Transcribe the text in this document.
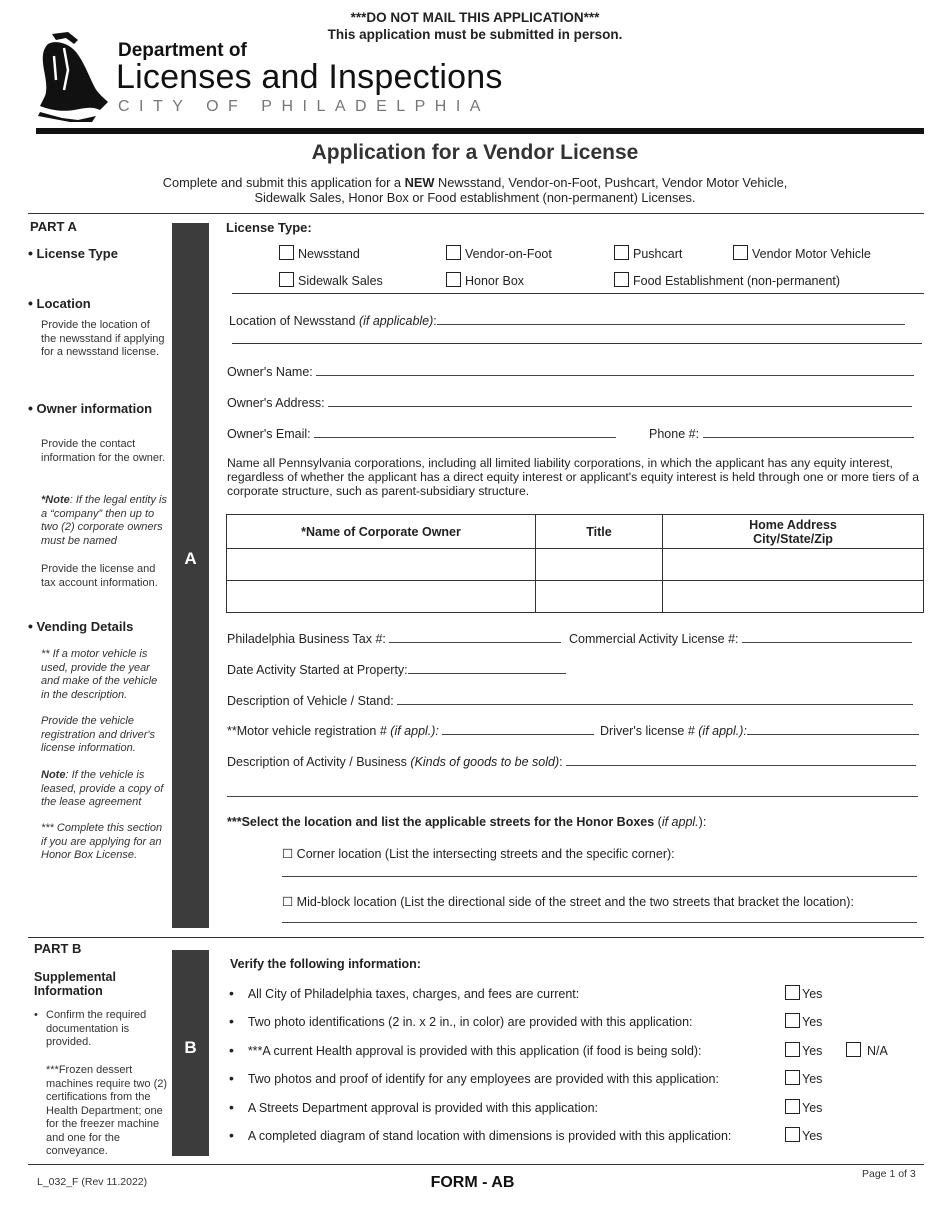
***DO NOT MAIL THIS APPLICATION***
This application must be submitted in person.
Department of
Licenses and Inspections
CITY OF PHILADELPHIA
Application for a Vendor License
Complete and submit this application for a NEW Newsstand, Vendor-on-Foot, Pushcart, Vendor Motor Vehicle,
Sidewalk Sales, Honor Box or Food establishment (non-permanent) Licenses.
PART A
• License Type
• Location
Provide the location of the newsstand if applying for a newsstand license.
• Owner information
Provide the contact information for the owner.
*Note: If the legal entity is a “company” then up to two (2) corporate owners must be named
Provide the license and tax account information.
• Vending Details
** If a motor vehicle is used, provide the year and make of the vehicle in the description.
Provide the vehicle registration and driver's license information.
Note: If the vehicle is leased, provide a copy of the lease agreement
*** Complete this section if you are applying for an Honor Box License.
A
License Type:
Newsstand	Vendor-on-Foot	Pushcart	Vendor Motor Vehicle
Sidewalk Sales	Honor Box	Food Establishment (non-permanent)
Location of Newsstand (if applicable):
Owner's Name:
Owner's Address:
Owner's Email:	Phone #:
Name all Pennsylvania corporations, including all limited liability corporations, in which the applicant has any equity interest, regardless of whether the applicant has a direct equity interest or applicant's equity interest is held through one or more tiers of a corporate structure, such as parent-subsidiary structure.
*Name of Corporate Owner	Title	Home Address
City/State/Zip

Philadelphia Business Tax #:	Commercial Activity License #:
Date Activity Started at Property:
Description of Vehicle / Stand:
**Motor vehicle registration # (if appl.):	Driver's license # (if appl.):
Description of Activity / Business (Kinds of goods to be sold):
***Select the location and list the applicable streets for the Honor Boxes (if appl.):
☐ Corner location (List the intersecting streets and the specific corner):
☐ Mid-block location (List the directional side of the street and the two streets that bracket the location):
PART B
Supplemental
Information
• Confirm the required documentation is provided.
***Frozen dessert machines require two (2) certifications from the Health Department; one for the freezer machine and one for the conveyance.
B
Verify the following information:
• All City of Philadelphia taxes, charges, and fees are current:	Yes
• Two photo identifications (2 in. x 2 in., in color) are provided with this application:	Yes
• ***A current Health approval is provided with this application (if food is being sold):	Yes	N/A
• Two photos and proof of identify for any employees are provided with this application:	Yes
• A Streets Department approval is provided with this application:	Yes
• A completed diagram of stand location with dimensions is provided with this application:	Yes
L_032_F (Rev 11.2022)	FORM - AB	Page 1 of 3
